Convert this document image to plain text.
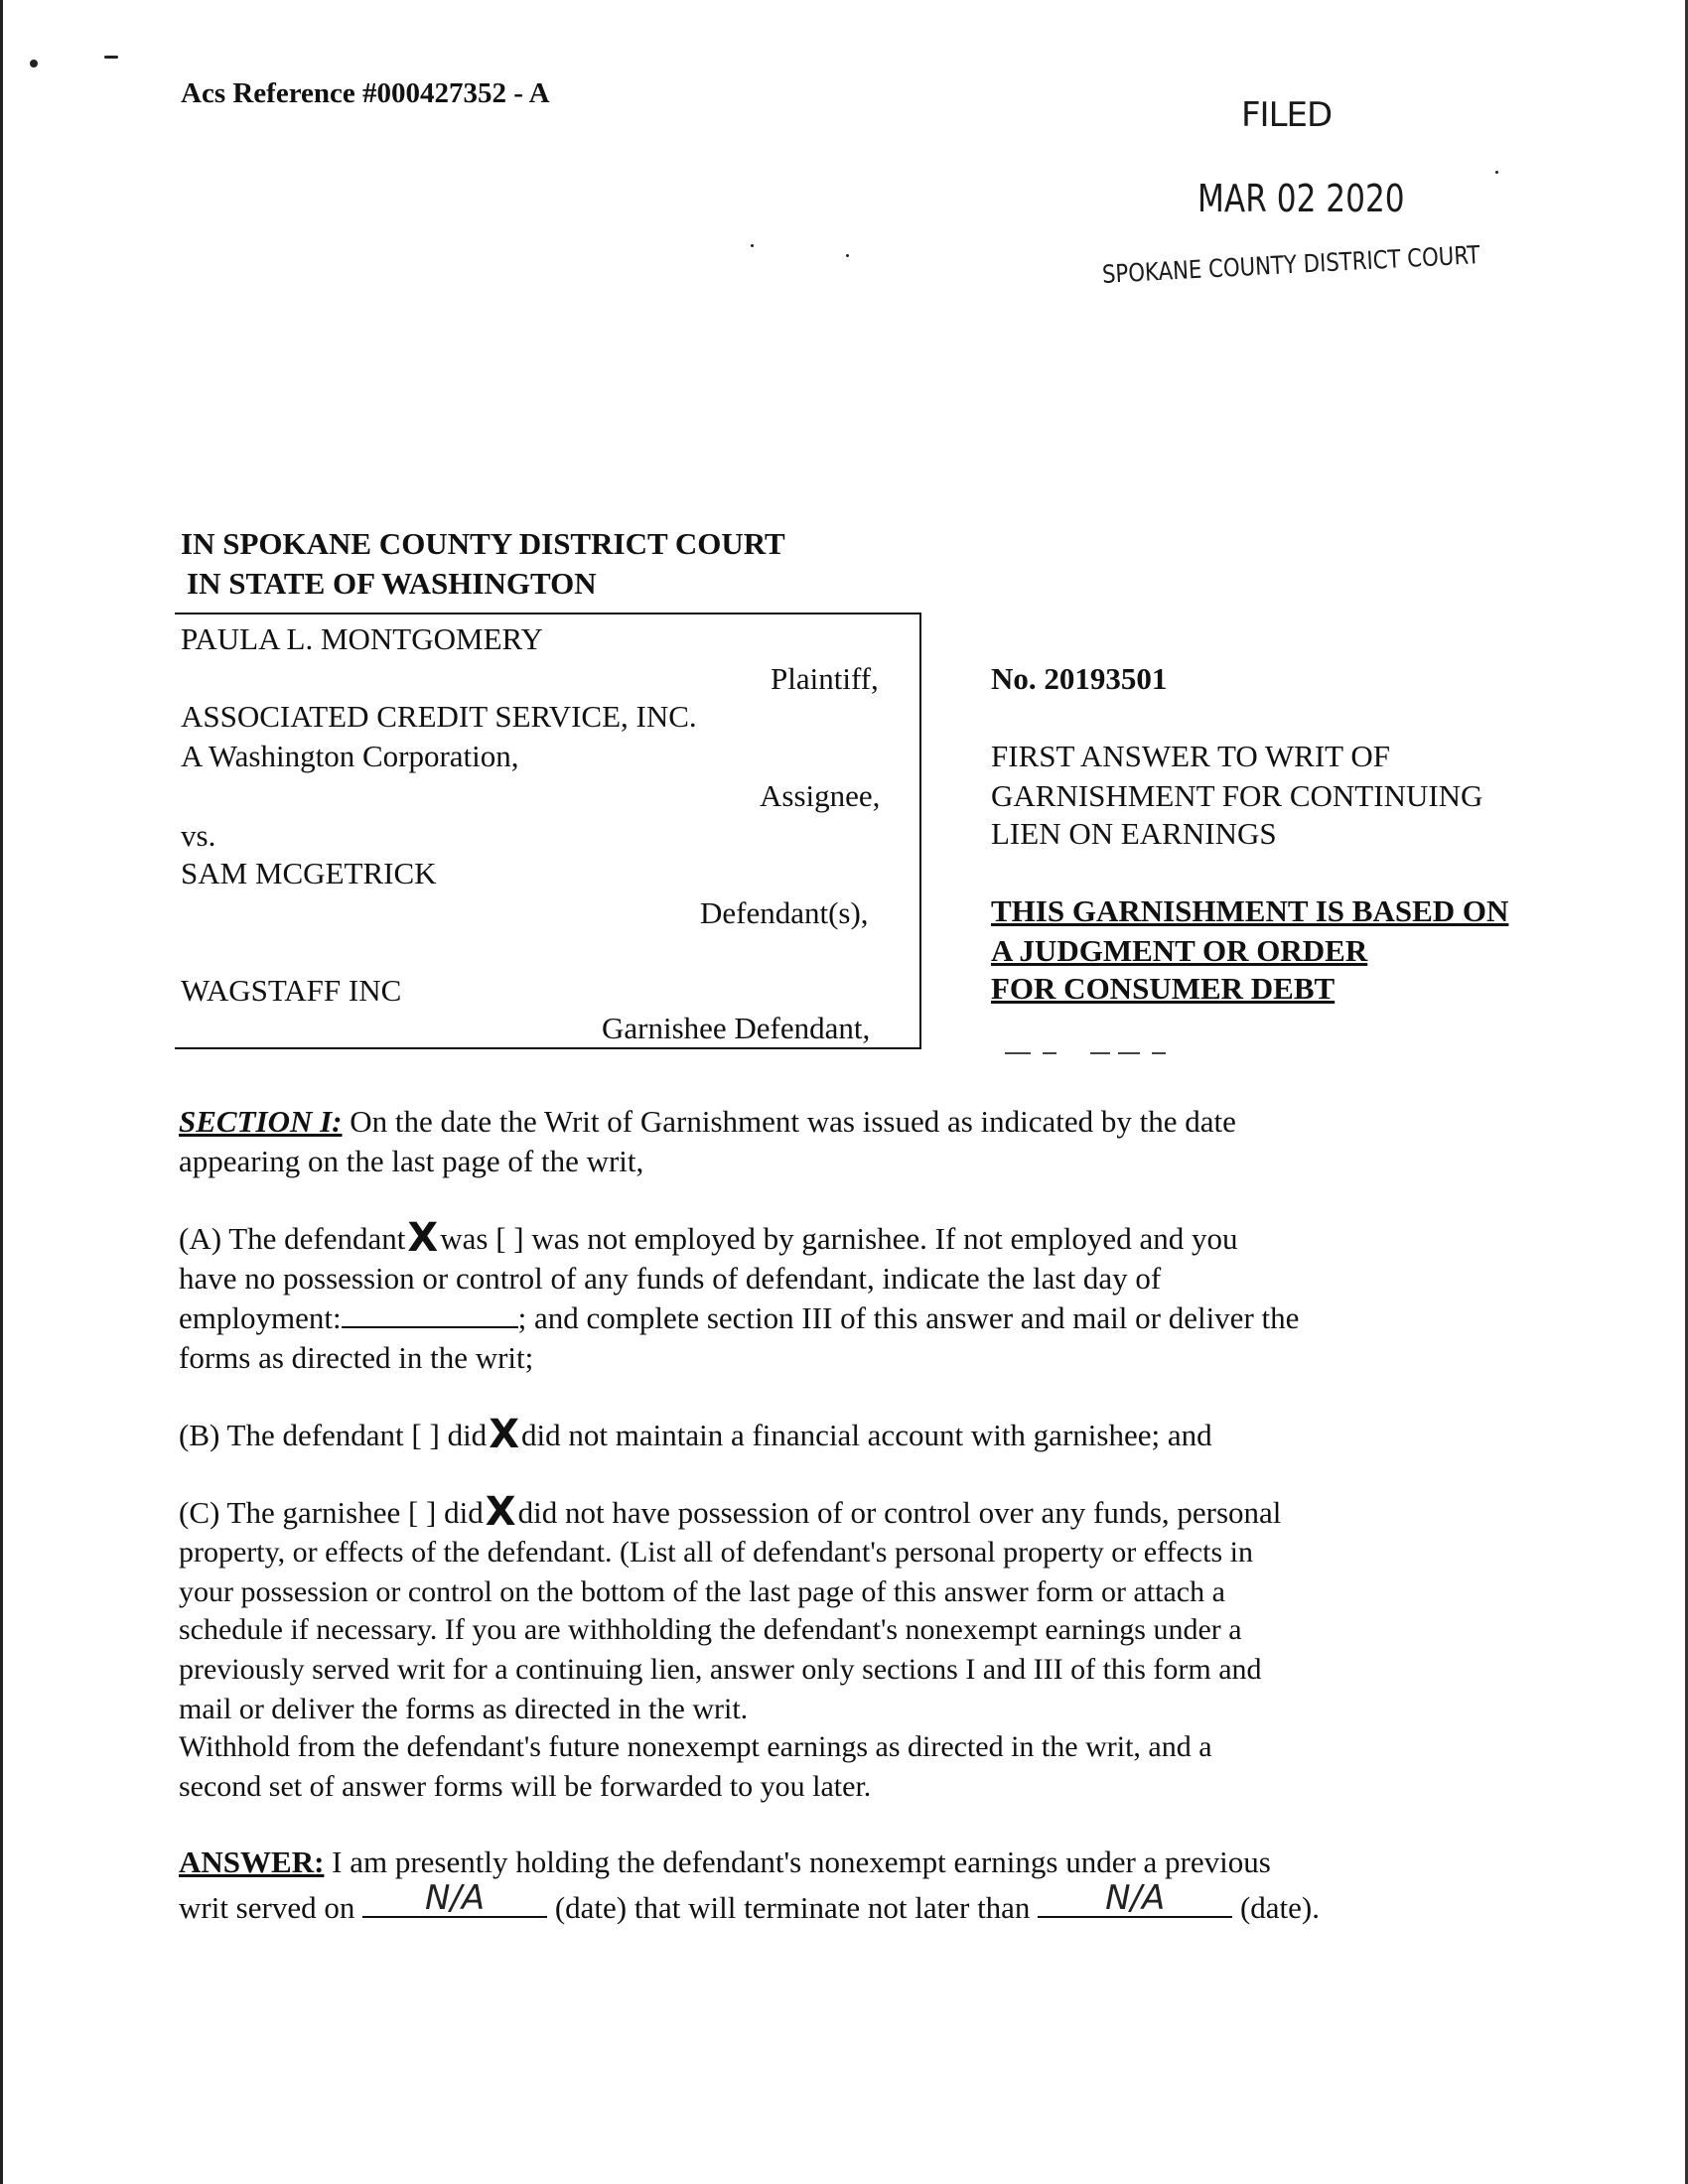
Acs Reference #000427352 - A
FILED
MAR 02 2020
SPOKANE COUNTY DISTRICT COURT
IN SPOKANE COUNTY DISTRICT COURT
IN STATE OF WASHINGTON
PAULA L. MONTGOMERY
Plaintiff,
ASSOCIATED CREDIT SERVICE, INC.
A Washington Corporation,
Assignee,
vs.
SAM MCGETRICK
Defendant(s),
WAGSTAFF INC
Garnishee Defendant,
No. 20193501
FIRST ANSWER TO WRIT OF
GARNISHMENT FOR CONTINUING
LIEN ON EARNINGS
THIS GARNISHMENT IS BASED ON
A JUDGMENT OR ORDER
FOR CONSUMER DEBT
SECTION I: On the date the Writ of Garnishment was issued as indicated by the date
appearing on the last page of the writ,
(A) The defendantXwas [ ] was not employed by garnishee. If not employed and you
have no possession or control of any funds of defendant, indicate the last day of
employment:	; and complete section III of this answer and mail or deliver the
forms as directed in the writ;
(B) The defendant [ ] didXdid not maintain a financial account with garnishee; and
(C) The garnishee [ ] didXdid not have possession of or control over any funds, personal
property, or effects of the defendant. (List all of defendant's personal property or effects in
your possession or control on the bottom of the last page of this answer form or attach a
schedule if necessary. If you are withholding the defendant's nonexempt earnings under a
previously served writ for a continuing lien, answer only sections I and III of this form and
mail or deliver the forms as directed in the writ.
Withhold from the defendant's future nonexempt earnings as directed in the writ, and a
second set of answer forms will be forwarded to you later.
ANSWER: I am presently holding the defendant's nonexempt earnings under a previous
writ served on	N/A	(date) that will terminate not later than	N/A	(date).
